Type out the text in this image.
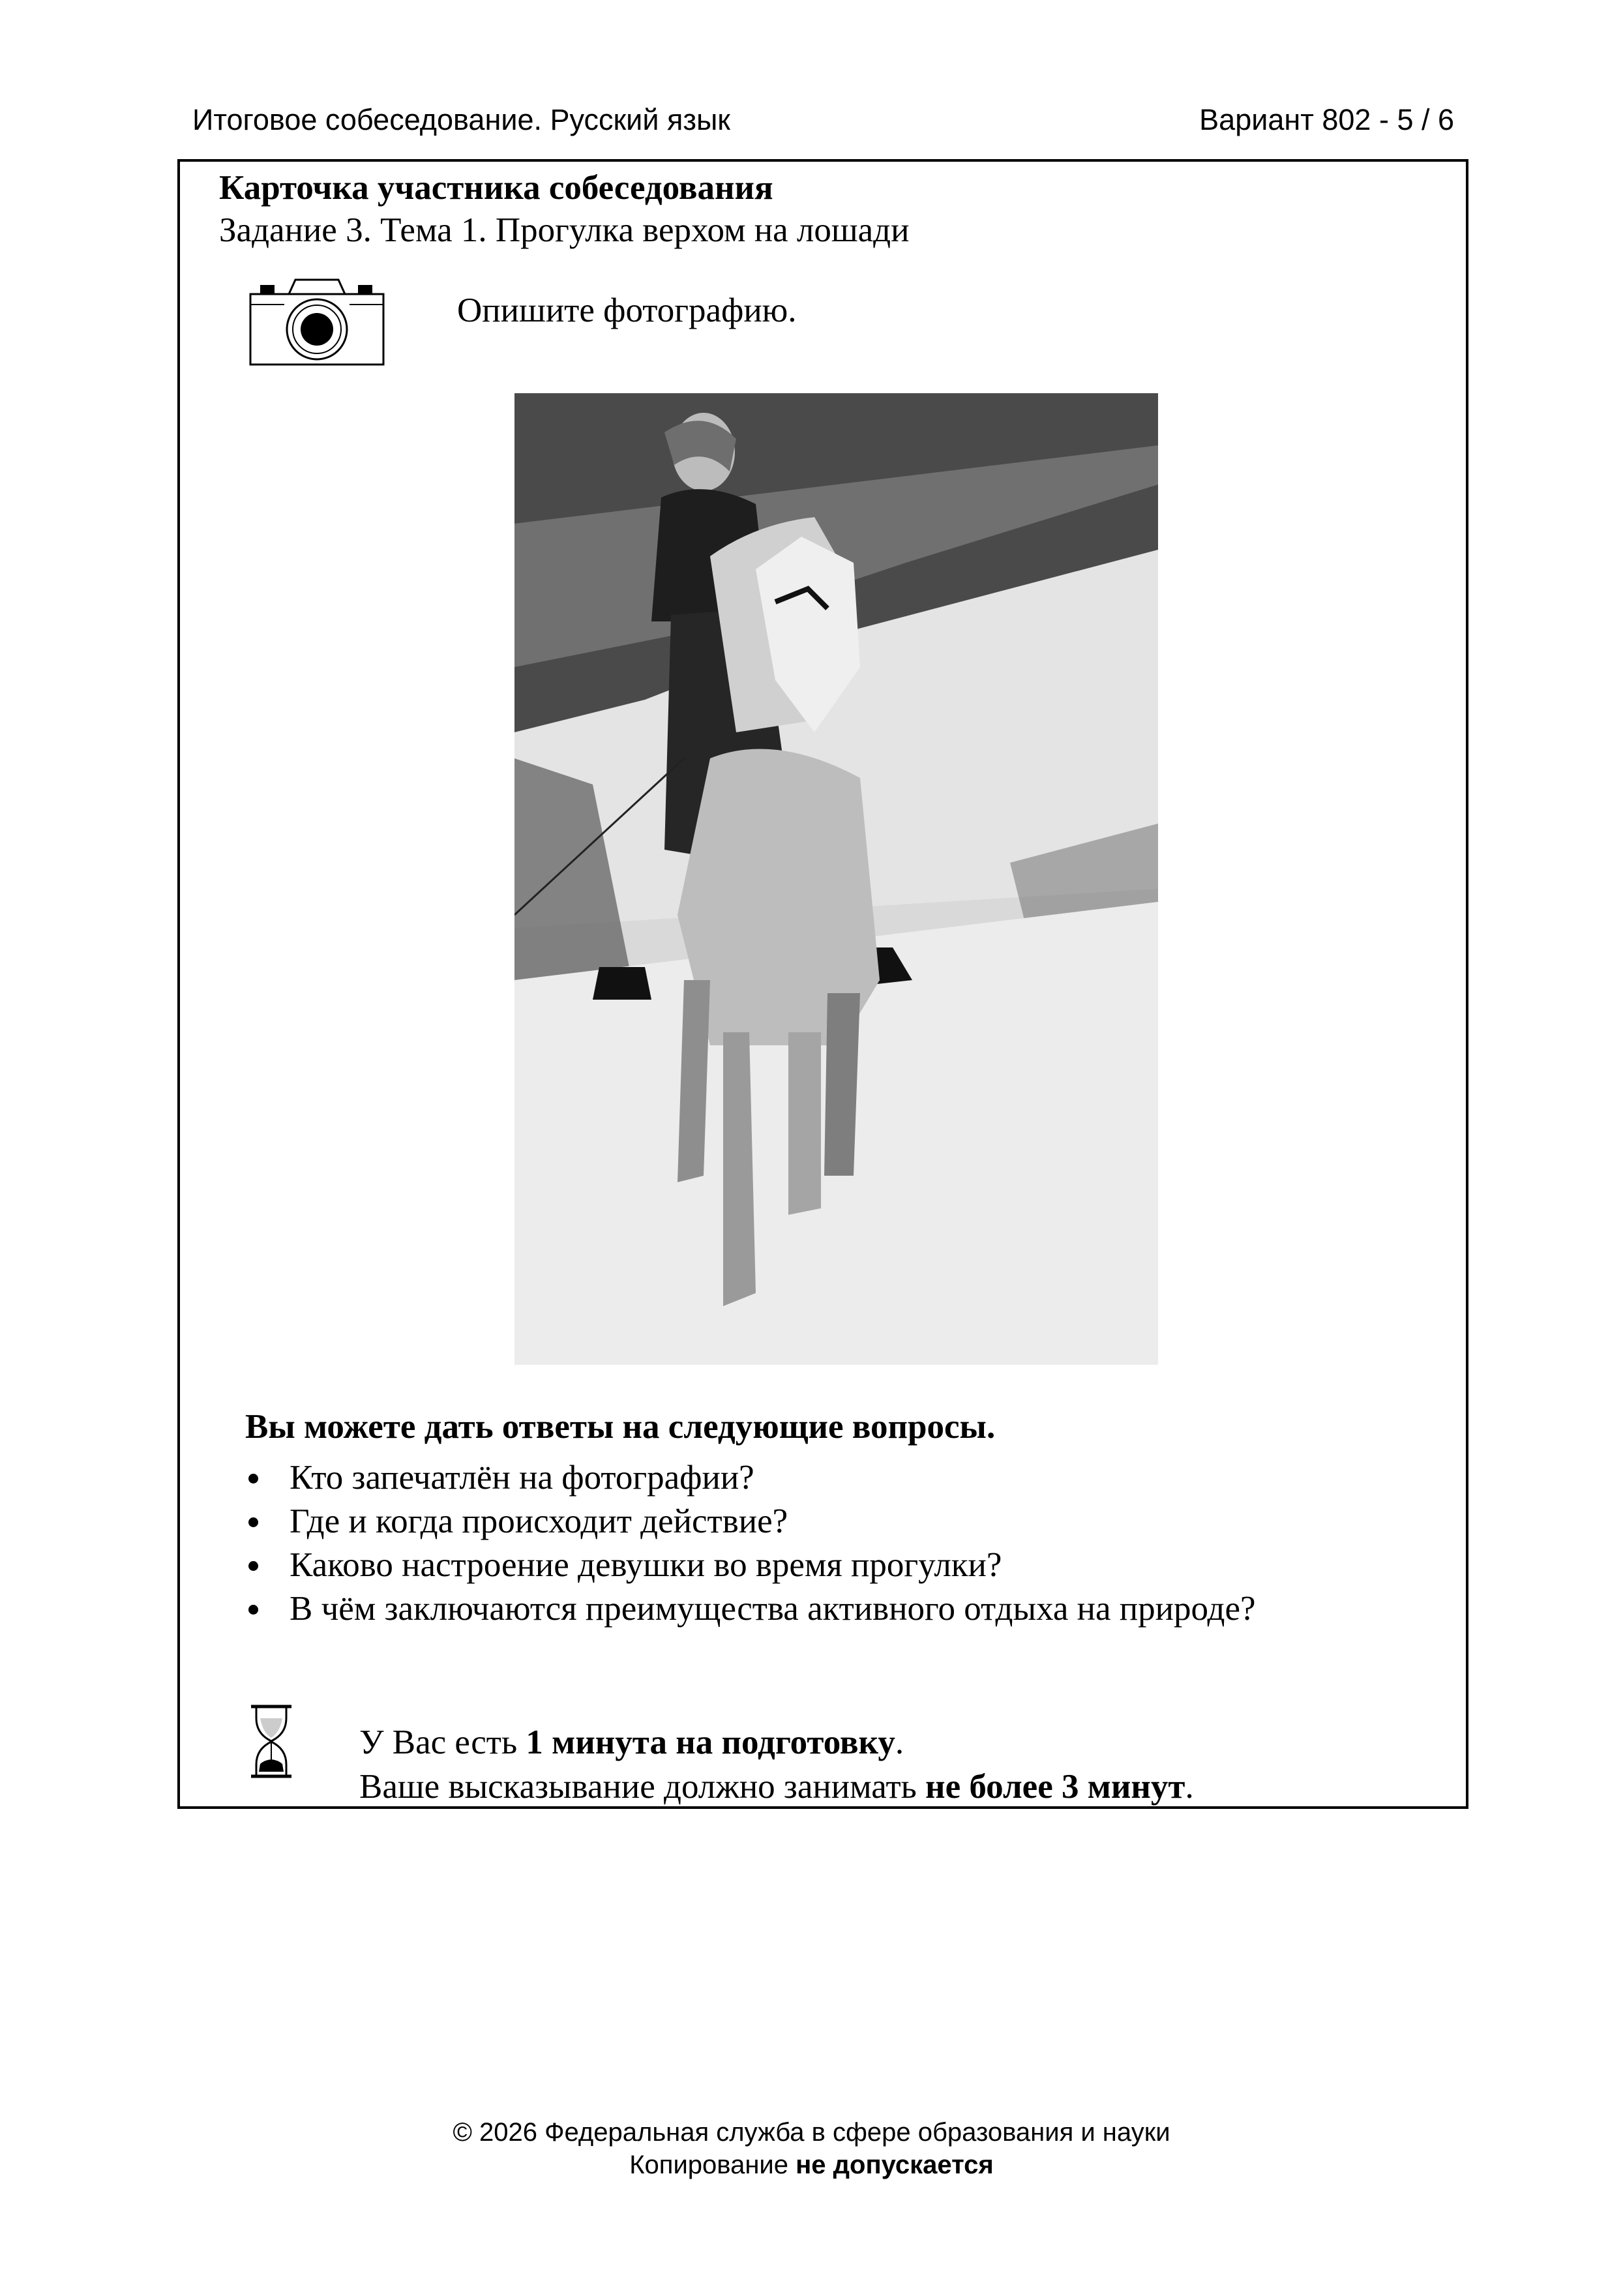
Итоговое собеседование. Русский язык	Вариант 802 - 5 / 6
Карточка участника собеседования
Задание 3. Тема 1. Прогулка верхом на лошади
Опишите фотографию.
Вы можете дать ответы на следующие вопросы.
Кто запечатлён на фотографии?
Где и когда происходит действие?
Каково настроение девушки во время прогулки?
В чём заключаются преимущества активного отдыха на природе?
У Вас есть 1 минута на подготовку.
Ваше высказывание должно занимать не более 3 минут.
© 2026 Федеральная служба в сфере образования и науки
Копирование не допускается
